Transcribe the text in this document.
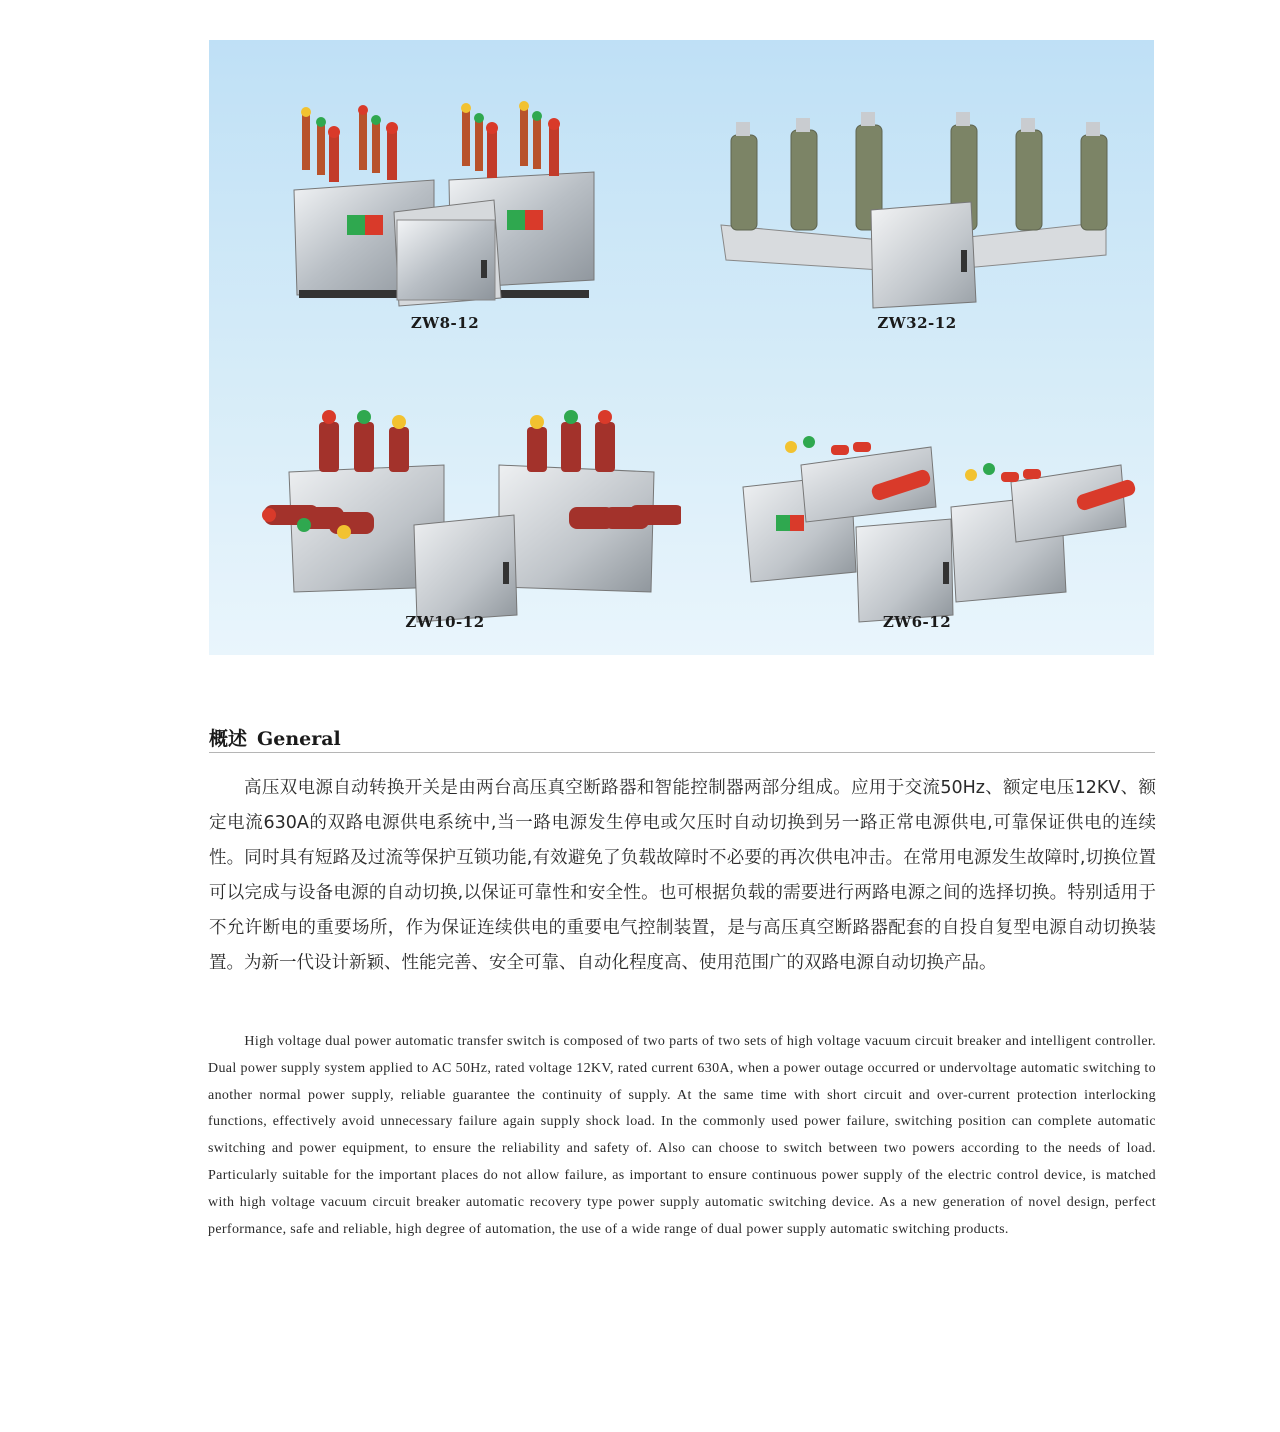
ZW8-12	ZW32-12
ZW10-12	ZW6-12
概述 General

高压双电源自动转换开关是由两台高压真空断路器和智能控制器两部分组成。应用于交流50Hz、额定电压12KV、额定电流630A的双路电源供电系统中,当一路电源发生停电或欠压时自动切换到另一路正常电源供电,可靠保证供电的连续性。同时具有短路及过流等保护互锁功能,有效避免了负载故障时不必要的再次供电冲击。在常用电源发生故障时,切换位置可以完成与设备电源的自动切换,以保证可靠性和安全性。也可根据负载的需要进行两路电源之间的选择切换。特别适用于不允许断电的重要场所，作为保证连续供电的重要电气控制装置，是与高压真空断路器配套的自投自复型电源自动切换装置。为新一代设计新颖、性能完善、安全可靠、自动化程度高、使用范围广的双路电源自动切换产品。

High voltage dual power automatic transfer switch is composed of two parts of two sets of high voltage vacuum circuit breaker and intelligent controller. Dual power supply system applied to AC 50Hz, rated voltage 12KV, rated current 630A, when a power outage occurred or undervoltage automatic switching to another normal power supply, reliable guarantee the continuity of supply. At the same time with short circuit and over-current protection interlocking functions, effectively avoid unnecessary failure again supply shock load. In the commonly used power failure, switching position can complete automatic switching and power equipment, to ensure the reliability and safety of. Also can choose to switch between two powers according to the needs of load. Particularly suitable for the important places do not allow failure, as important to ensure continuous power supply of the electric control device, is matched with high voltage vacuum circuit breaker automatic recovery type power supply automatic switching device. As a new generation of novel design, perfect performance, safe and reliable, high degree of automation, the use of a wide range of dual power supply automatic switching products.
